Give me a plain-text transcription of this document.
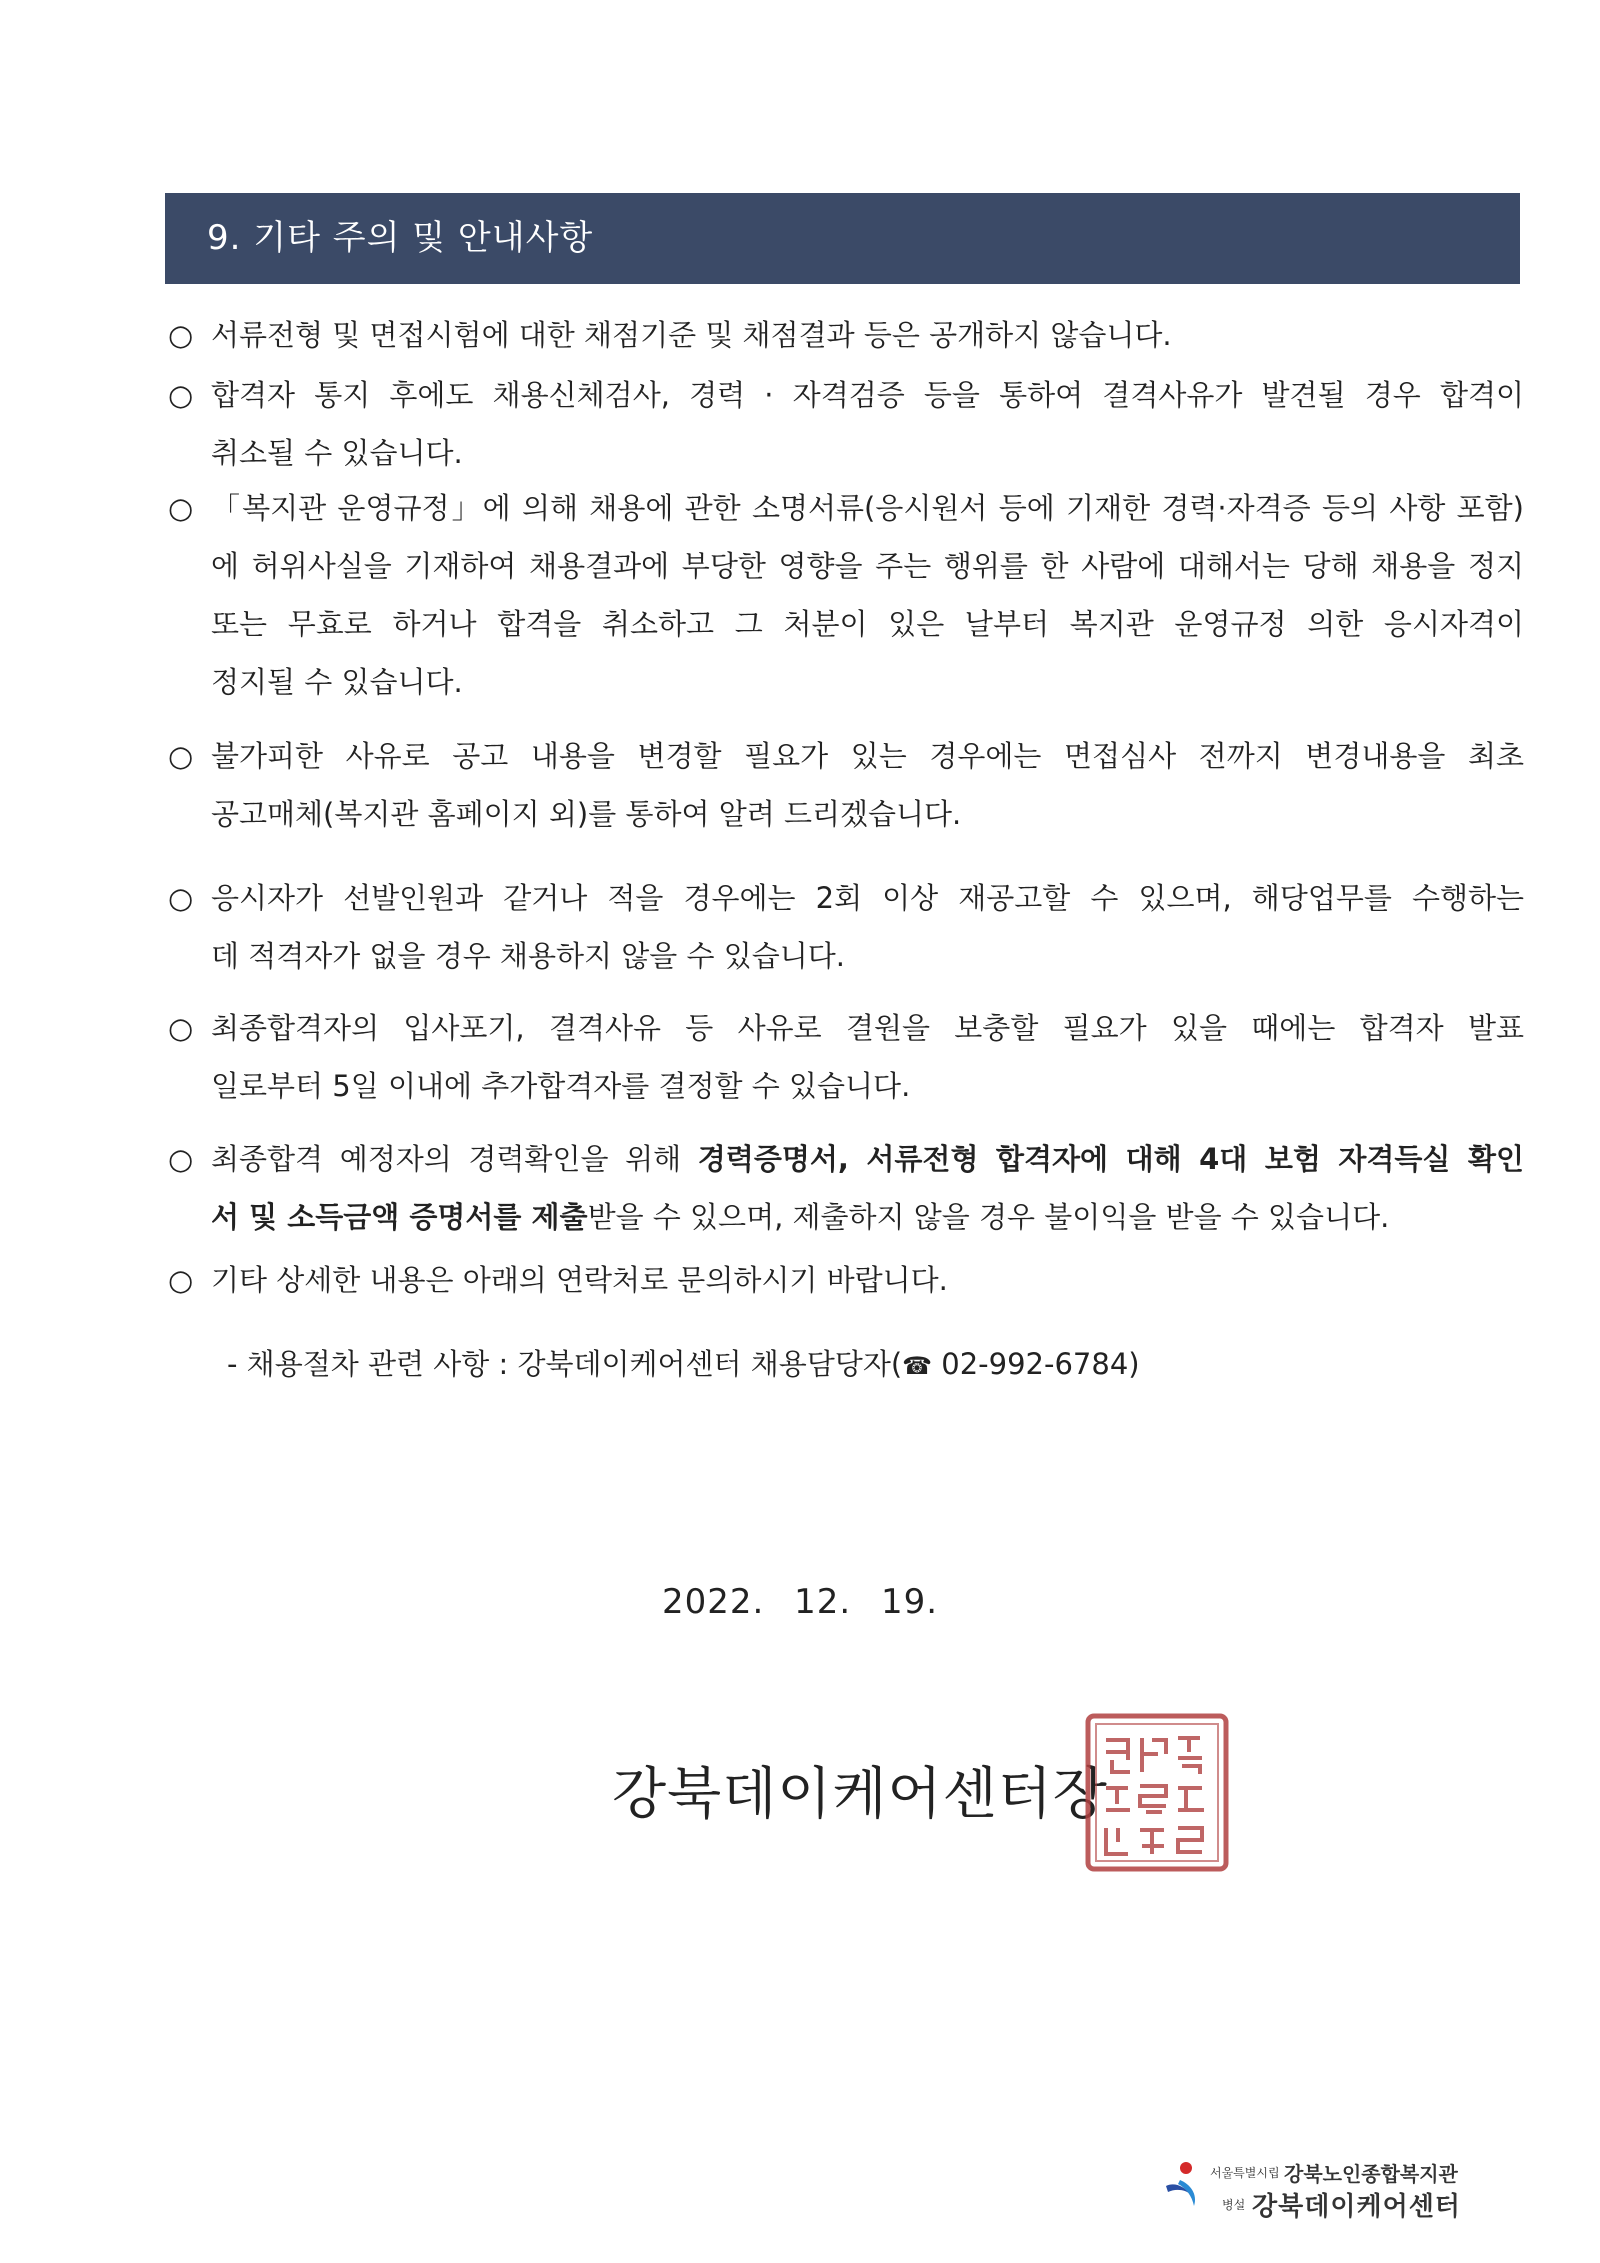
9. 기타 주의 및 안내사항
○ 서류전형 및 면접시험에 대한 채점기준 및 채점결과 등은 공개하지 않습니다.
○ 합격자 통지 후에도 채용신체검사, 경력 · 자격검증 등을 통하여 결격사유가 발견될 경우 합격이
취소될 수 있습니다.
○ 「복지관 운영규정」에 의해 채용에 관한 소명서류(응시원서 등에 기재한 경력·자격증 등의 사항 포함)
에 허위사실을 기재하여 채용결과에 부당한 영향을 주는 행위를 한 사람에 대해서는 당해 채용을 정지
또는 무효로 하거나 합격을 취소하고 그 처분이 있은 날부터 복지관 운영규정 의한 응시자격이
정지될 수 있습니다.
○ 불가피한 사유로 공고 내용을 변경할 필요가 있는 경우에는 면접심사 전까지 변경내용을 최초
공고매체(복지관 홈페이지 외)를 통하여 알려 드리겠습니다.
○ 응시자가 선발인원과 같거나 적을 경우에는 2회 이상 재공고할 수 있으며, 해당업무를 수행하는
데 적격자가 없을 경우 채용하지 않을 수 있습니다.
○ 최종합격자의 입사포기, 결격사유 등 사유로 결원을 보충할 필요가 있을 때에는 합격자 발표
일로부터 5일 이내에 추가합격자를 결정할 수 있습니다.
○ 최종합격 예정자의 경력확인을 위해 경력증명서, 서류전형 합격자에 대해 4대 보험 자격득실 확인
서 및 소득금액 증명서를 제출받을 수 있으며, 제출하지 않을 경우 불이익을 받을 수 있습니다.
○ 기타 상세한 내용은 아래의 연락처로 문의하시기 바랍니다.
- 채용절차 관련 사항 : 강북데이케어센터 채용담당자(☎ 02-992-6784)
2022. 12. 19.
강북데이케어센터장
서울특별시립 강북노인종합복지관
병설 강북데이케어센터
